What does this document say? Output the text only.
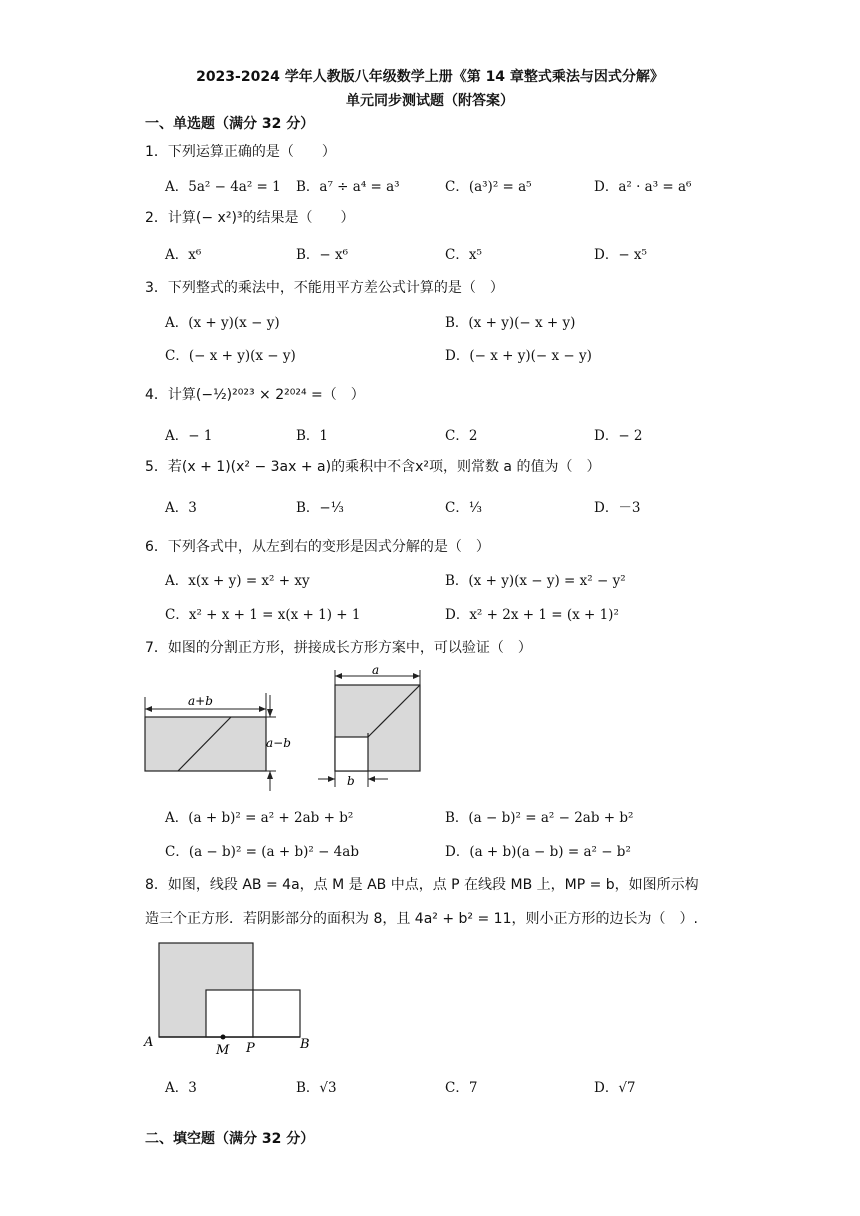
2023-2024 学年人教版八年级数学上册《第 14 章整式乘法与因式分解》
单元同步测试题（附答案）
一、单选题（满分 32 分）
1．下列运算正确的是（　　）
A．5a² − 4a² = 1 B．a⁷ ÷ a⁴ = a³	C．(a³)² = a⁵	D．a² · a³ = a⁶
2．计算(− x²)³的结果是（　　）
A．x⁶	B．− x⁶	C．x⁵	D．− x⁵
3．下列整式的乘法中，不能用平方差公式计算的是（　）
A．(x + y)(x − y)	B．(x + y)(− x + y)
C．(− x + y)(x − y)	D．(− x + y)(− x − y)
4．计算(−½)²⁰²³ × 2²⁰²⁴ =（　）
A．− 1	B．1	C．2	D．− 2
5．若(x + 1)(x² − 3ax + a)的乘积中不含x²项，则常数 a 的值为（　）
A．3	B．−⅓	C．⅓	D．－3
6．下列各式中，从左到右的变形是因式分解的是（　）
A．x(x + y) = x² + xy	B．(x + y)(x − y) = x² − y²
C．x² + x + 1 = x(x + 1) + 1	D．x² + 2x + 1 = (x + 1)²
7．如图的分割正方形，拼接成长方形方案中，可以验证（　）
a+b
a−b
a
b
A．(a + b)² = a² + 2ab + b²	B．(a − b)² = a² − 2ab + b²
C．(a − b)² = (a + b)² − 4ab	D．(a + b)(a − b) = a² − b²
8．如图，线段 AB = 4a，点 M 是 AB 中点，点 P 在线段 MB 上，MP = b，如图所示构
造三个正方形．若阴影部分的面积为 8，且 4a² + b² = 11，则小正方形的边长为（　）.
A
M P	B
A．3	B．√3	C．7	D．√7
二、填空题（满分 32 分）
